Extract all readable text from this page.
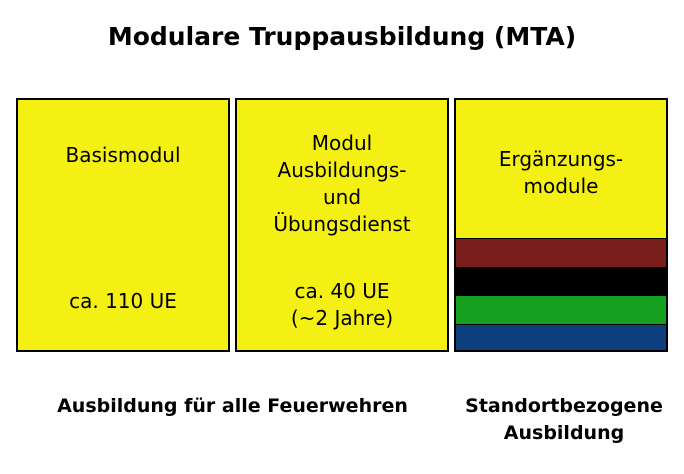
Modulare Truppausbildung (MTA)
Basismodul
ca. 110 UE
Modul
Ausbildungs-
und
Übungsdienst
ca. 40 UE
(~2 Jahre)
Ergänzungs-
module
Ausbildung für alle Feuerwehren	Standortbezogene
Ausbildung
